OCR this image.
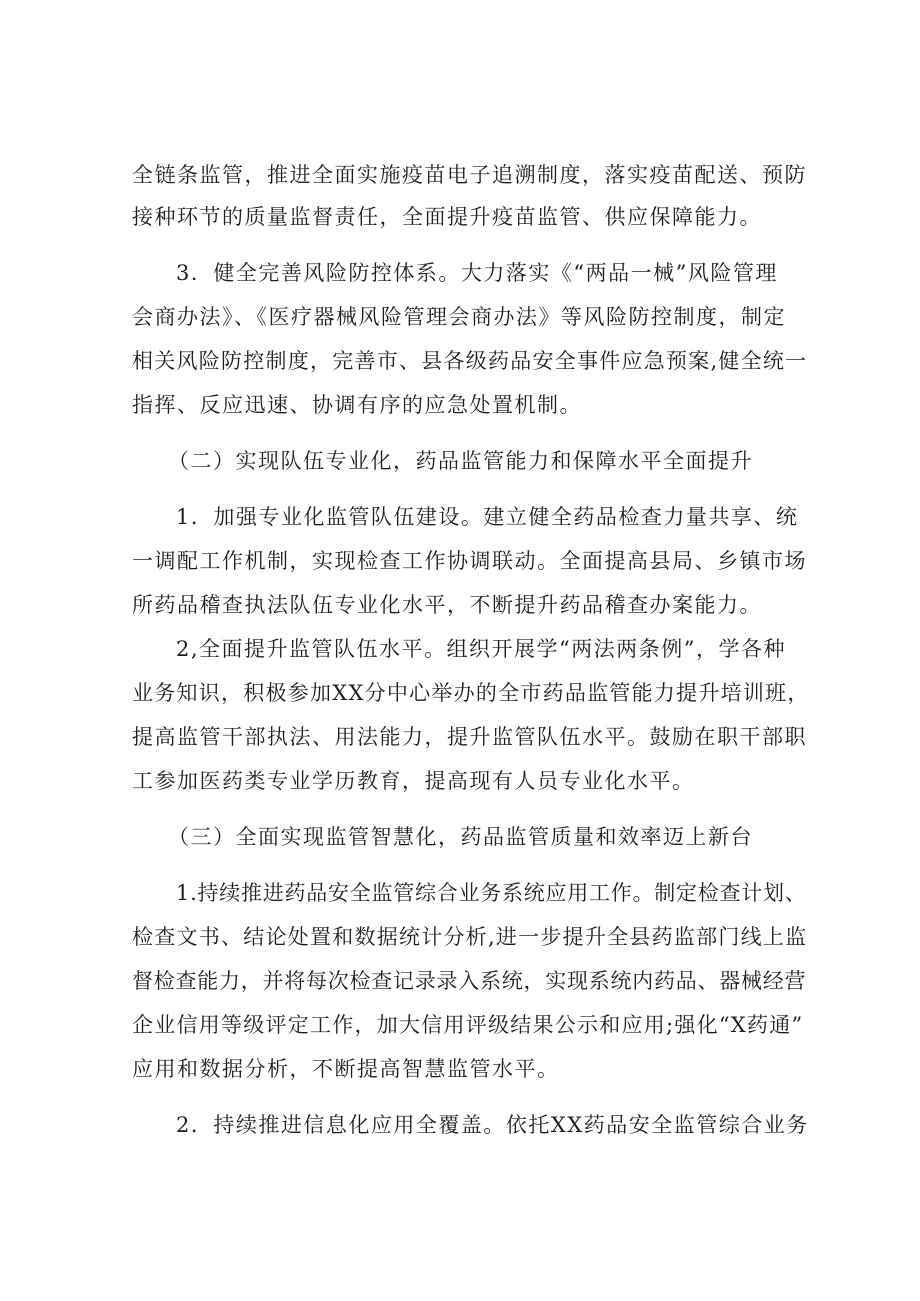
全链条监管，推进全面实施疫苗电子追溯制度，落实疫苗配送、预防
接种环节的质量监督责任，全面提升疫苗监管、供应保障能力。
3．健全完善风险防控体系。大力落实《“两品一械”风险管理
会商办法》、《医疗器械风险管理会商办法》等风险防控制度，制定
相关风险防控制度，完善市、县各级药品安全事件应急预案,健全统一
指挥、反应迅速、协调有序的应急处置机制。
（二）实现队伍专业化，药品监管能力和保障水平全面提升
1．加强专业化监管队伍建设。建立健全药品检查力量共享、统
一调配工作机制，实现检查工作协调联动。全面提高县局、乡镇市场
所药品稽查执法队伍专业化水平，不断提升药品稽查办案能力。
2,全面提升监管队伍水平。组织开展学“两法两条例”，学各种
业务知识，积极参加XX分中心举办的全市药品监管能力提升培训班，
提高监管干部执法、用法能力，提升监管队伍水平。鼓励在职干部职
工参加医药类专业学历教育，提高现有人员专业化水平。
（三）全面实现监管智慧化，药品监管质量和效率迈上新台
1.持续推进药品安全监管综合业务系统应用工作。制定检查计划、
检查文书、结论处置和数据统计分析,进一步提升全县药监部门线上监
督检查能力，并将每次检查记录录入系统，实现系统内药品、器械经营
企业信用等级评定工作，加大信用评级结果公示和应用;强化“X药通”
应用和数据分析，不断提高智慧监管水平。
2．持续推进信息化应用全覆盖。依托XX药品安全监管综合业务
